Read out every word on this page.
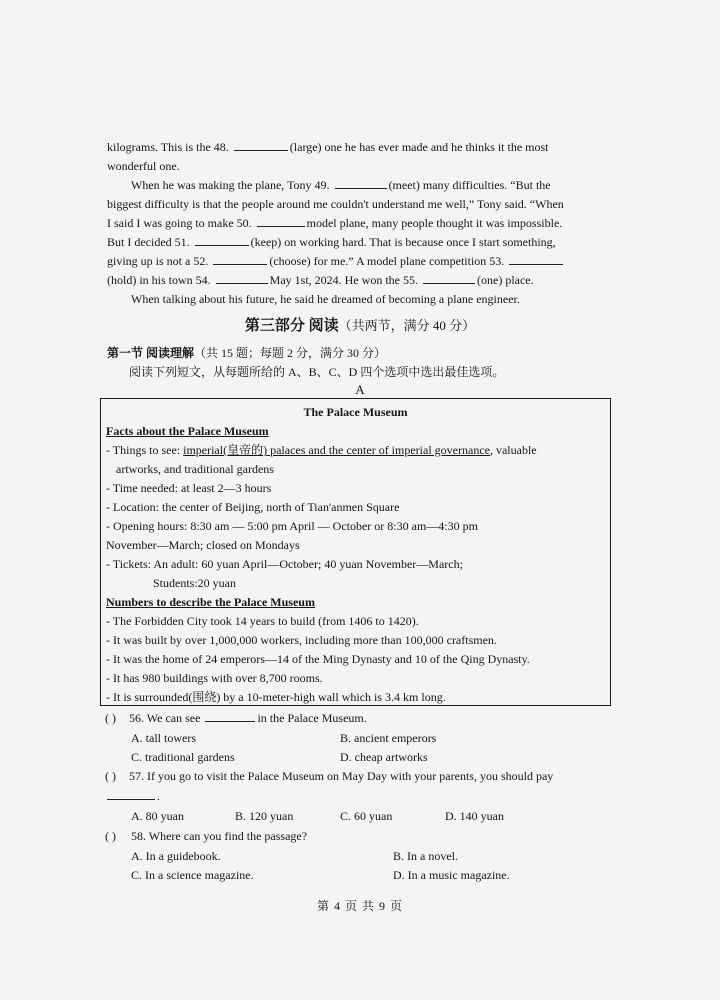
kilograms. This is the 48.	(large) one he has ever made and he thinks it the most
wonderful one.
When he was making the plane, Tony 49.	(meet) many difficulties. “But the
biggest difficulty is that the people around me couldn't understand me well,” Tony said. “When
I said I was going to make 50.	model plane, many people thought it was impossible.
But I decided 51.	(keep) on working hard. That is because once I start something,
giving up is not a 52.	(choose) for me.” A model plane competition 53.
(hold) in his town 54.	May 1st, 2024. He won the 55.	(one) place.
When talking about his future, he said he dreamed of becoming a plane engineer.
第三部分 阅读（共两节，满分 40 分）
第一节 阅读理解（共 15 题；每题 2 分，满分 30 分）
阅读下列短文，从每题所给的 A、B、C、D 四个选项中选出最佳选项。
A
The Palace Museum
Facts about the Palace Museum
- Things to see: imperial(皇帝的) palaces and the center of imperial governance, valuable
artworks, and traditional gardens
- Time needed: at least 2—3 hours
- Location: the center of Beijing, north of Tian'anmen Square
- Opening hours: 8:30 am — 5:00 pm April — October or 8:30 am—4:30 pm
November—March; closed on Mondays
- Tickets: An adult: 60 yuan April—October; 40 yuan November—March;
Students:20 yuan
Numbers to describe the Palace Museum
- The Forbidden City took 14 years to build (from 1406 to 1420).
- It was built by over 1,000,000 workers, including more than 100,000 craftsmen.
- It was the home of 24 emperors—14 of the Ming Dynasty and 10 of the Qing Dynasty.
- It has 980 buildings with over 8,700 rooms.
- It is surrounded(围绕) by a 10-meter-high wall which is 3.4 km long.
( ) 56. We can see	in the Palace Museum.
A. tall towers	B. ancient emperors
C. traditional gardens	D. cheap artworks
( ) 57. If you go to visit the Palace Museum on May Day with your parents, you should pay
.
A. 80 yuan	B. 120 yuan	C. 60 yuan	D. 140 yuan
( ) 58. Where can you find the passage?
A. In a guidebook.	B. In a novel.
C. In a science magazine.	D. In a music magazine.
第 4 页 共 9 页
